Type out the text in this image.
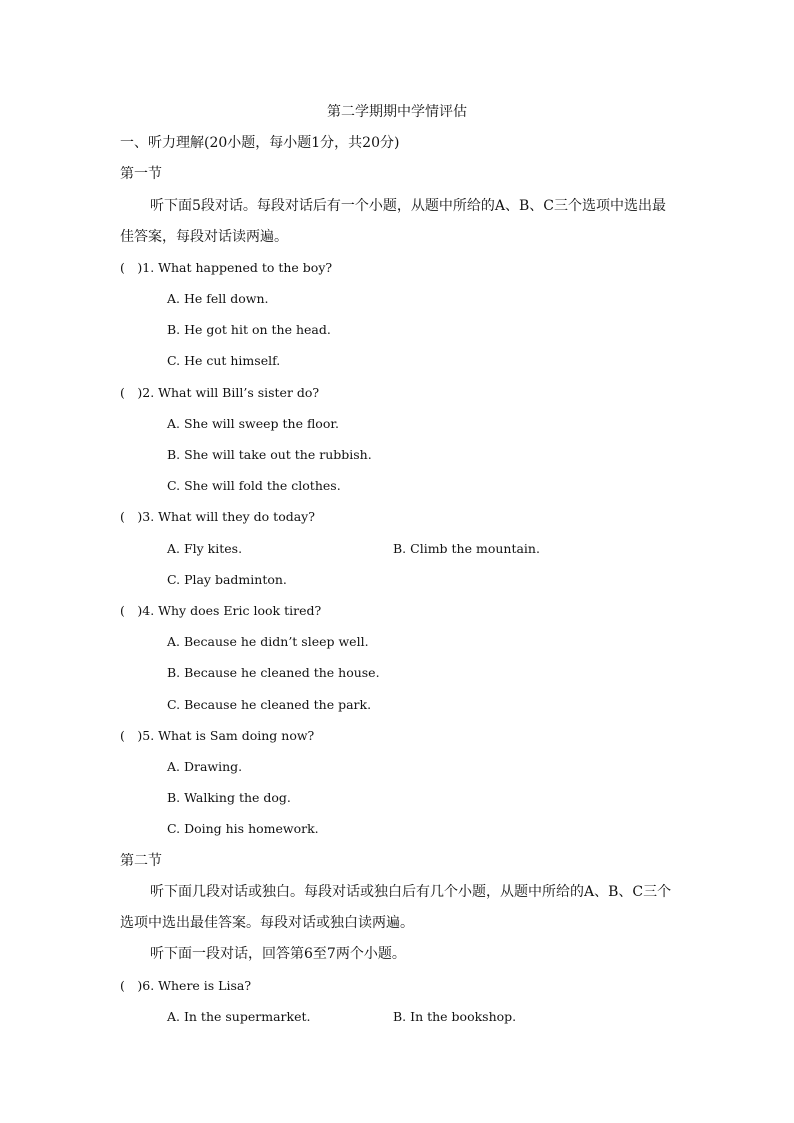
第二学期期中学情评估
一、听力理解(20小题，每小题1分，共20分)
第一节
听下面5段对话。每段对话后有一个小题，从题中所给的A、B、C三个选项中选出最
佳答案，每段对话读两遍。
(　)1. What happened to the boy?
A. He fell down.
B. He got hit on the head.
C. He cut himself.
(　)2. What will Bill’s sister do?
A. She will sweep the floor.
B. She will take out the rubbish.
C. She will fold the clothes.
(　)3. What will they do today?
A. Fly kites.	B. Climb the mountain.
C. Play badminton.
(　)4. Why does Eric look tired?
A. Because he didn’t sleep well.
B. Because he cleaned the house.
C. Because he cleaned the park.
(　)5. What is Sam doing now?
A. Drawing.
B. Walking the dog.
C. Doing his homework.
第二节
听下面几段对话或独白。每段对话或独白后有几个小题，从题中所给的A、B、C三个
选项中选出最佳答案。每段对话或独白读两遍。
听下面一段对话，回答第6至7两个小题。
(　)6. Where is Lisa?
A. In the supermarket.	B. In the bookshop.
